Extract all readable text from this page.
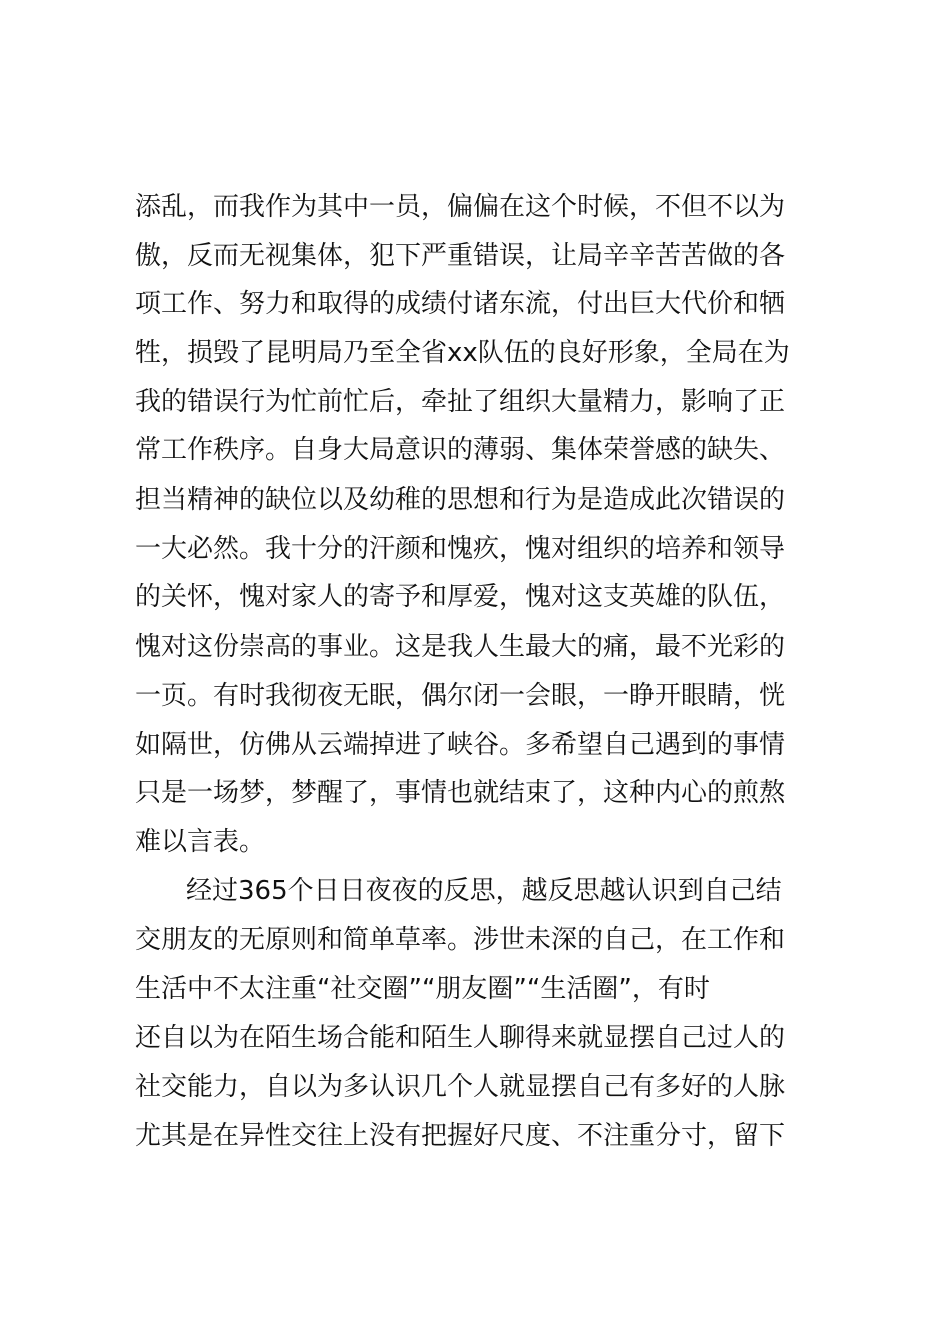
添乱，而我作为其中一员，偏偏在这个时候，不但不以为
傲，反而无视集体，犯下严重错误，让局辛辛苦苦做的各
项工作、努力和取得的成绩付诸东流，付出巨大代价和牺
牲，损毁了昆明局乃至全省xx队伍的良好形象，全局在为
我的错误行为忙前忙后，牵扯了组织大量精力，影响了正
常工作秩序。自身大局意识的薄弱、集体荣誉感的缺失、
担当精神的缺位以及幼稚的思想和行为是造成此次错误的
一大必然。我十分的汗颜和愧疚，愧对组织的培养和领导
的关怀，愧对家人的寄予和厚爱，愧对这支英雄的队伍，
愧对这份崇高的事业。这是我人生最大的痛，最不光彩的
一页。有时我彻夜无眠，偶尔闭一会眼，一睁开眼睛，恍
如隔世，仿佛从云端掉进了峡谷。多希望自己遇到的事情
只是一场梦，梦醒了，事情也就结束了，这种内心的煎熬
难以言表。
经过365个日日夜夜的反思，越反思越认识到自己结
交朋友的无原则和简单草率。涉世未深的自己，在工作和
生活中不太注重“社交圈”“朋友圈”“生活圈”，有时
还自以为在陌生场合能和陌生人聊得来就显摆自己过人的
社交能力，自以为多认识几个人就显摆自己有多好的人脉
尤其是在异性交往上没有把握好尺度、不注重分寸，留下
